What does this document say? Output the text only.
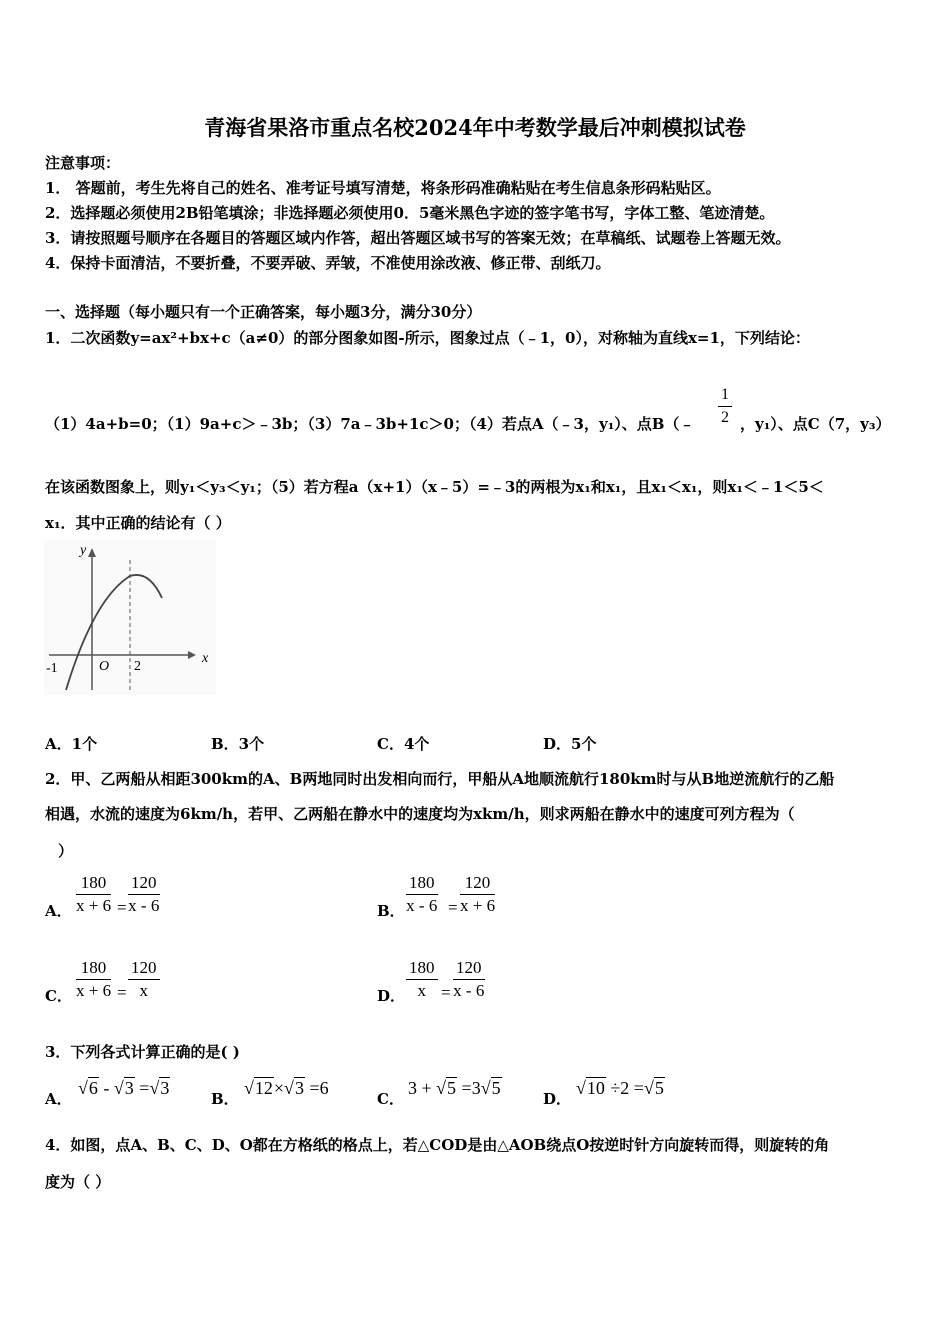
青海省果洛市重点名校2024年中考数学最后冲刺模拟试卷
注意事项：
1． 答题前，考生先将自己的姓名、准考证号填写清楚，将条形码准确粘贴在考生信息条形码粘贴区。
2．选择题必须使用2B铅笔填涂；非选择题必须使用0．5毫米黑色字迹的签字笔书写，字体工整、笔迹清楚。
3．请按照题号顺序在各题目的答题区域内作答，超出答题区域书写的答案无效；在草稿纸、试题卷上答题无效。
4．保持卡面清洁，不要折叠，不要弄破、弄皱，不准使用涂改液、修正带、刮纸刀。
一、选择题（每小题只有一个正确答案，每小题3分，满分30分）
1．二次函数y=ax²+bx+c（a≠0）的部分图象如图-所示，图象过点（﹣1，0），对称轴为直线x=1，下列结论：
（1）4a+b=0；（1）9a+c＞﹣3b；（3）7a﹣3b+1c＞0；（4）若点A（﹣3，y₁）、点B（﹣ $\frac{1}{2}$ ，y₁）、点C（7，y₃）
在该函数图象上，则y₁＜y₃＜y₁；（5）若方程a（x+1）（x﹣5）=﹣3的两根为x₁和x₁，且x₁＜x₁，则x₁＜﹣1＜5＜
x₁．其中正确的结论有（ ）
y
x
O
-1	2
A．1个	B．3个	C．4个	D．5个
2．甲、乙两船从相距300km的A、B两地同时出发相向而行，甲船从A地顺流航行180km时与从B地逆流航行的乙船
相遇，水流的速度为6km/h，若甲、乙两船在静水中的速度均为xkm/h，则求两船在静水中的速度可列方程为（
）
A． $\frac{180}{x + 6} = \frac{120}{x - 6}$	B． $\frac{180}{x - 6} = \frac{120}{x + 6}$
C． $\frac{180}{x + 6} = \frac{120}{x}$	D． $\frac{180}{x} = \frac{120}{x - 6}$
3．下列各式计算正确的是( )
A．
√6 - √3 =√3
B．
√12×√3 =6
C．
3 + √5 =3√5
D．
√10 ÷2 =√5
4．如图，点A、B、C、D、O都在方格纸的格点上，若△COD是由△AOB绕点O按逆时针方向旋转而得，则旋转的角
度为（ ）
